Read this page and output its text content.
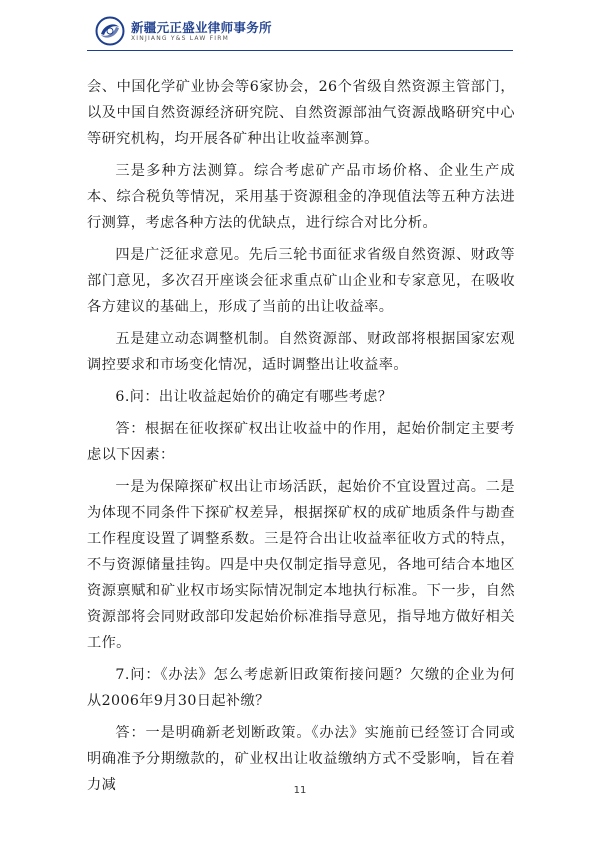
新疆元正盛业律师事务所
XINJIANG Y&S LAW FIRM

会、中国化学矿业协会等6家协会，26个省级自然资源主管部门，以及中国自然资源经济研究院、自然资源部油气资源战略研究中心等研究机构，均开展各矿种出让收益率测算。

三是多种方法测算。综合考虑矿产品市场价格、企业生产成本、综合税负等情况，采用基于资源租金的净现值法等五种方法进行测算，考虑各种方法的优缺点，进行综合对比分析。

四是广泛征求意见。先后三轮书面征求省级自然资源、财政等部门意见，多次召开座谈会征求重点矿山企业和专家意见，在吸收各方建议的基础上，形成了当前的出让收益率。

五是建立动态调整机制。自然资源部、财政部将根据国家宏观调控要求和市场变化情况，适时调整出让收益率。

6.问：出让收益起始价的确定有哪些考虑？

答：根据在征收探矿权出让收益中的作用，起始价制定主要考虑以下因素：

一是为保障探矿权出让市场活跃，起始价不宜设置过高。二是为体现不同条件下探矿权差异，根据探矿权的成矿地质条件与勘查工作程度设置了调整系数。三是符合出让收益率征收方式的特点，不与资源储量挂钩。四是中央仅制定指导意见，各地可结合本地区资源禀赋和矿业权市场实际情况制定本地执行标准。下一步，自然资源部将会同财政部印发起始价标准指导意见，指导地方做好相关工作。

7.问：《办法》怎么考虑新旧政策衔接问题？欠缴的企业为何从2006年9月30日起补缴？

答：一是明确新老划断政策。《办法》实施前已经签订合同或明确准予分期缴款的，矿业权出让收益缴纳方式不受影响，旨在着力减	11
